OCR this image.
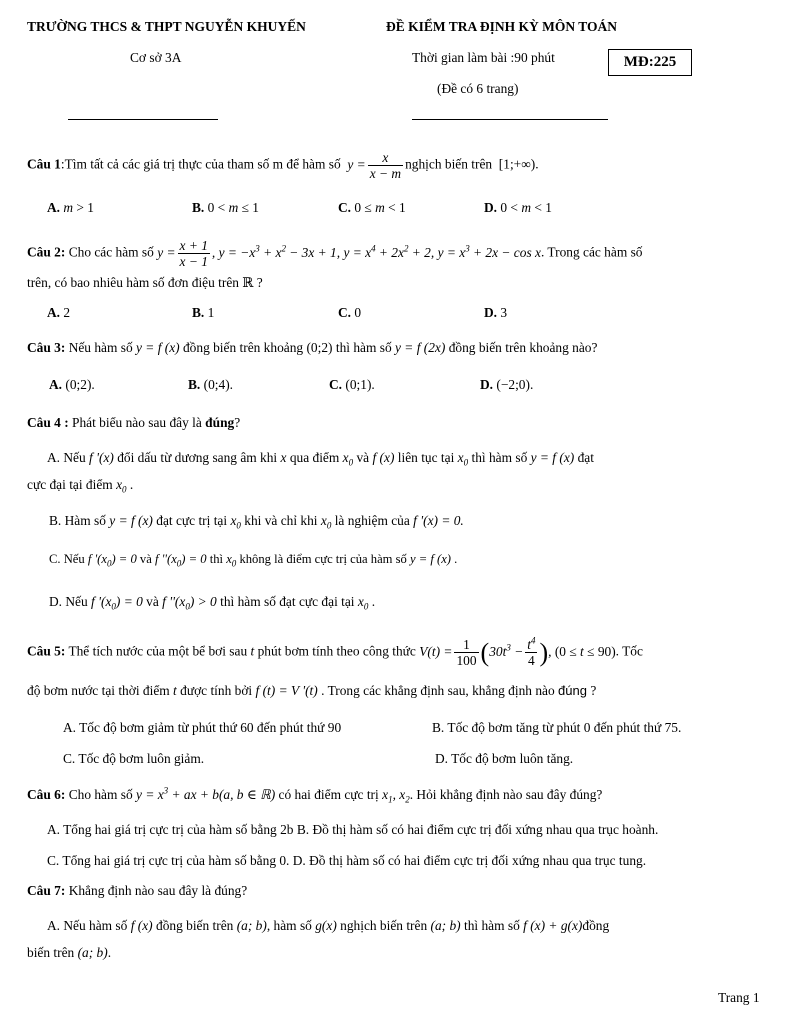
TRƯỜNG THCS & THPT NGUYỄN KHUYẾN
Cơ sở 3A
ĐỀ KIỂM TRA ĐỊNH KỲ MÔN TOÁN
Thời gian làm bài :90 phút
(Đề có 6 trang)
MĐ:225
Câu 1:Tìm tất cả các giá trị thực của tham số m để hàm số  $y = \frac{x}{x - m}$ nghịch biến trên  [1;+∞).
A. m > 1	B. 0 < m ≤ 1	C. 0 ≤ m < 1	D. 0 < m < 1
Câu 2: Cho các hàm số $y = \frac{x + 1}{x - 1}$ , $y = -x^3 + x^2 - 3x + 1$, $y = x^4 + 2x^2 + 2$, $y = x^3 + 2x - \cos x$. Trong các hàm số
trên, có bao nhiêu hàm số đơn điệu trên ℝ ?
A. 2	B. 1	C. 0	D. 3
Câu 3: Nếu hàm số y = f (x) đồng biến trên khoảng (0;2) thì hàm số y = f (2x) đồng biến trên khoảng nào?
A. (0;2).	B. (0;4).	C. (0;1).	D. (−2;0).
Câu 4 : Phát biểu nào sau đây là đúng?
A. Nếu f '(x) đổi dấu từ dương sang âm khi x qua điểm $x_0$ và f (x) liên tục tại $x_0$ thì hàm số y = f (x) đạt
cực đại tại điểm $x_0$ .
B. Hàm số y = f (x) đạt cực trị tại $x_0$ khi và chỉ khi $x_0$ là nghiệm của f '(x) = 0.
C. Nếu f '$(x_0) = 0$ và f ''$(x_0) = 0$ thì $x_0$ không là điểm cực trị của hàm số y = f (x) .
D. Nếu f '$(x_0) = 0$ và f ''$(x_0) > 0$ thì hàm số đạt cực đại tại $x_0$ .
Câu 5: Thể tích nước của một bể bơi sau t phút bơm tính theo công thức $V(t) = \frac{1}{100} (30t^3 - \frac{t^4}{4}$ ), (0 ≤ t ≤ 90). Tốc
độ bơm nước tại thời điểm t được tính bởi f (t) = V '(t) . Trong các khẳng định sau, khẳng định nào đúng ?
A. Tốc độ bơm giảm từ phút thứ 60 đến phút thứ 90	B. Tốc độ bơm tăng từ phút 0 đến phút thứ 75.
C. Tốc độ bơm luôn giảm.	D. Tốc độ bơm luôn tăng.
Câu 6: Cho hàm số $y = x^3$ + ax + b(a, b ∈ ℝ) có hai điểm cực trị $x_1$, $x_2$. Hỏi khẳng định nào sau đây đúng?
A. Tổng hai giá trị cực trị của hàm số bằng 2b B. Đồ thị hàm số có hai điểm cực trị đối xứng nhau qua trục hoành.
C. Tổng hai giá trị cực trị của hàm số bằng 0. D. Đồ thị hàm số có hai điểm cực trị đối xứng nhau qua trục tung.
Câu 7: Khẳng định nào sau đây là đúng?
A. Nếu hàm số f (x) đồng biến trên (a; b), hàm số g(x) nghịch biến trên (a; b) thì hàm số f (x) + g(x)đồng
biến trên (a; b).
Trang 1
